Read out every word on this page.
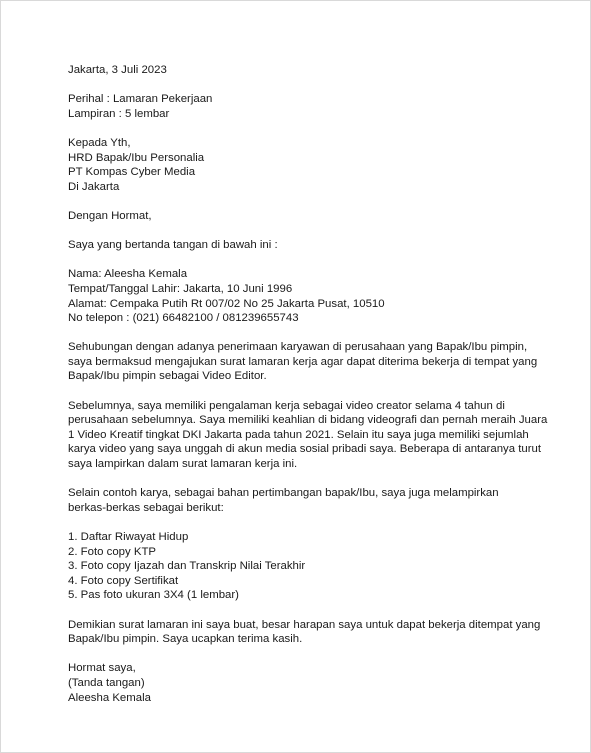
Jakarta, 3 Juli 2023

Perihal : Lamaran Pekerjaan

Lampiran : 5 lembar

Kepada Yth,

HRD Bapak/Ibu Personalia

PT Kompas Cyber Media

Di Jakarta

Dengan Hormat,

Saya yang bertanda tangan di bawah ini :

Nama: Aleesha Kemala

Tempat/Tanggal Lahir: Jakarta, 10 Juni 1996

Alamat: Cempaka Putih Rt 007/02 No 25 Jakarta Pusat, 10510

No telepon : (021) 66482100 / 081239655743

Sehubungan dengan adanya penerimaan karyawan di perusahaan yang Bapak/Ibu pimpin,

saya bermaksud mengajukan surat lamaran kerja agar dapat diterima bekerja di tempat yang

Bapak/Ibu pimpin sebagai Video Editor.

Sebelumnya, saya memiliki pengalaman kerja sebagai video creator selama 4 tahun di

perusahaan sebelumnya. Saya memiliki keahlian di bidang videografi dan pernah meraih Juara

1 Video Kreatif tingkat DKI Jakarta pada tahun 2021. Selain itu saya juga memiliki sejumlah

karya video yang saya unggah di akun media sosial pribadi saya. Beberapa di antaranya turut

saya lampirkan dalam surat lamaran kerja ini.

Selain contoh karya, sebagai bahan pertimbangan bapak/Ibu, saya juga melampirkan

berkas-berkas sebagai berikut:

1. Daftar Riwayat Hidup

2. Foto copy KTP

3. Foto copy Ijazah dan Transkrip Nilai Terakhir

4. Foto copy Sertifikat

5. Pas foto ukuran 3X4 (1 lembar)

Demikian surat lamaran ini saya buat, besar harapan saya untuk dapat bekerja ditempat yang

Bapak/Ibu pimpin. Saya ucapkan terima kasih.

Hormat saya,

(Tanda tangan)

Aleesha Kemala
